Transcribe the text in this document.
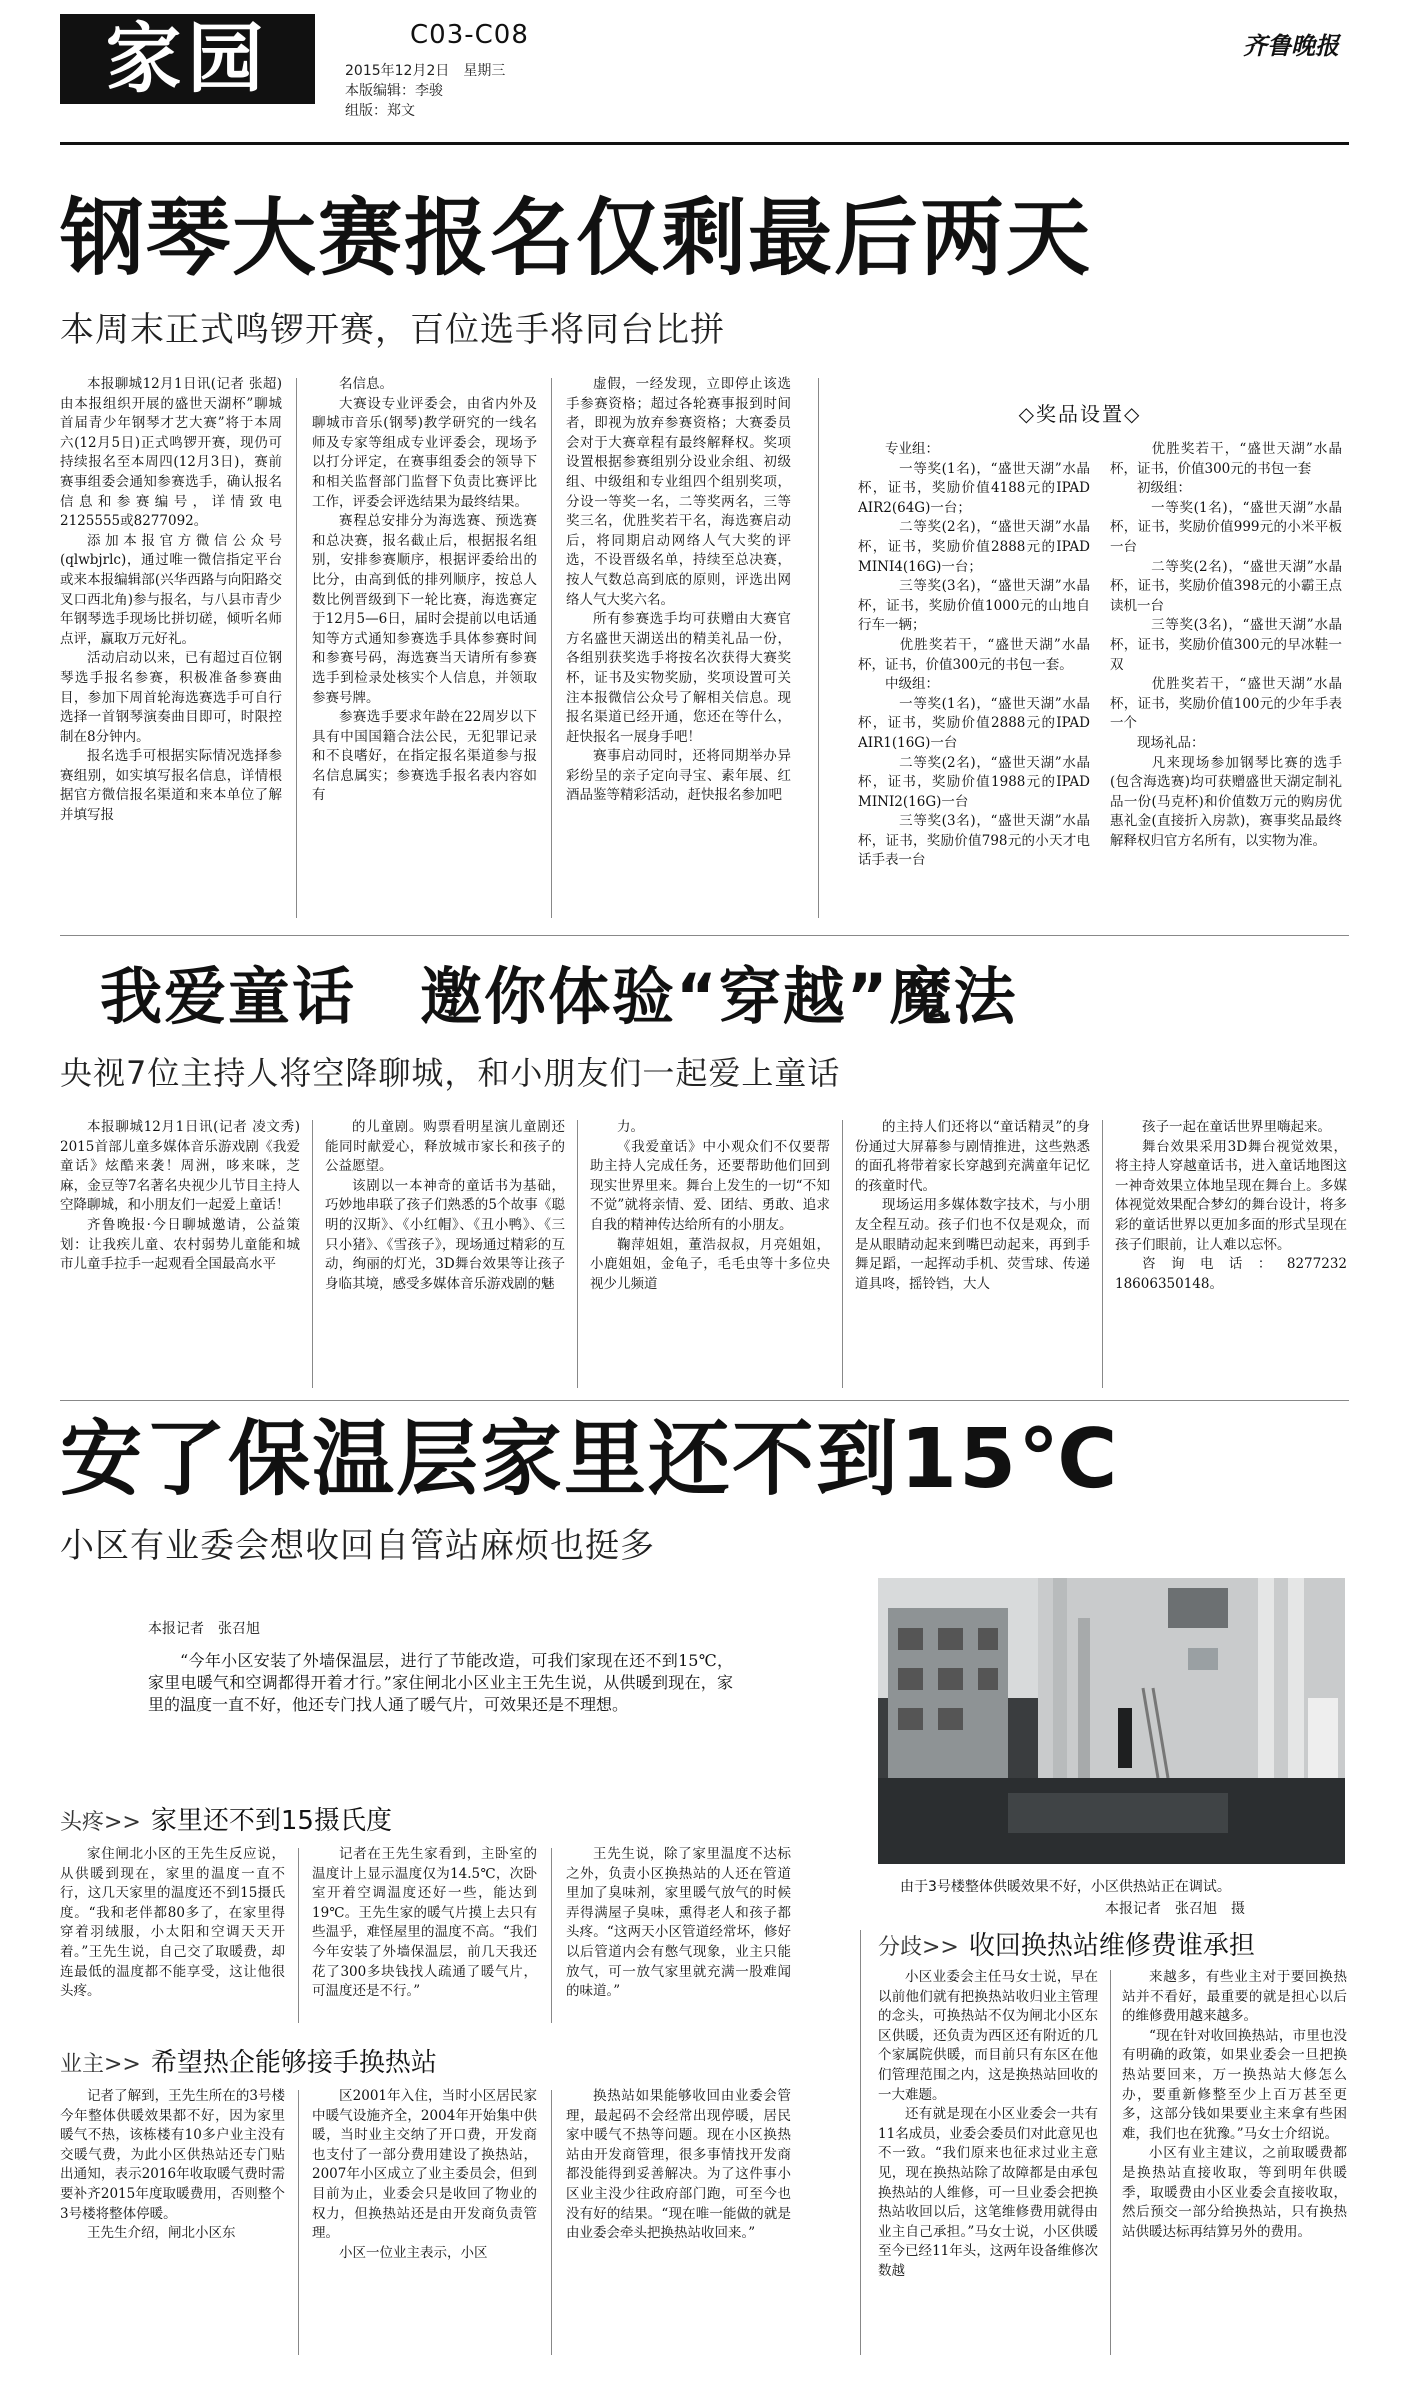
家园	C03-C08
2015年12月2日　星期三
本版编辑：李骏
组版：郑文
齐鲁晚报
钢琴大赛报名仅剩最后两天
本周末正式鸣锣开赛，百位选手将同台比拼

本报聊城12月1日讯(记者 张超) 由本报组织开展的盛世天湖杯”聊城首届青少年钢琴才艺大赛”将于本周六(12月5日)正式鸣锣开赛，现仍可持续报名至本周四(12月3日)，赛前赛事组委会通知参赛选手，确认报名信息和参赛编号，详情致电2125555或8277092。

添加本报官方微信公众号(qlwbjrlc)，通过唯一微信指定平台或来本报编辑部(兴华西路与向阳路交叉口西北角)参与报名，与八县市青少年钢琴选手现场比拼切磋，倾听名师点评，赢取万元好礼。

活动启动以来，已有超过百位钢琴选手报名参赛，积极准备参赛曲目，参加下周首轮海选赛选手可自行选择一首钢琴演奏曲目即可，时限控制在8分钟内。

报名选手可根据实际情况选择参赛组别，如实填写报名信息，详情根据官方微信报名渠道和来本单位了解并填写报

名信息。

大赛设专业评委会，由省内外及聊城市音乐(钢琴)教学研究的一线名师及专家等组成专业评委会，现场予以打分评定，在赛事组委会的领导下和相关监督部门监督下负责比赛评比工作，评委会评选结果为最终结果。

赛程总安排分为海选赛、预选赛和总决赛，报名截止后，根据报名组别，安排参赛顺序，根据评委给出的比分，由高到低的排列顺序，按总人数比例晋级到下一轮比赛，海选赛定于12月5—6日，届时会提前以电话通知等方式通知参赛选手具体参赛时间和参赛号码，海选赛当天请所有参赛选手到检录处核实个人信息，并领取参赛号牌。

参赛选手要求年龄在22周岁以下具有中国国籍合法公民，无犯罪记录和不良嗜好，在指定报名渠道参与报名信息属实；参赛选手报名表内容如有

虚假，一经发现，立即停止该选手参赛资格；超过各轮赛事报到时间者，即视为放弃参赛资格；大赛委员会对于大赛章程有最终解释权。奖项设置根据参赛组别分设业余组、初级组、中级组和专业组四个组别奖项，分设一等奖一名，二等奖两名，三等奖三名，优胜奖若干名，海选赛启动后，将同期启动网络人气大奖的评选，不设晋级名单，持续至总决赛，按人气数总高到底的原则，评选出网络人气大奖六名。

所有参赛选手均可获赠由大赛官方名盛世天湖送出的精美礼品一份，各组别获奖选手将按名次获得大赛奖杯，证书及实物奖励，奖项设置可关注本报微信公众号了解相关信息。现报名渠道已经开通，您还在等什么，赶快报名一展身手吧！

赛事启动同时，还将同期举办异彩纷呈的亲子定向寻宝、素年展、红酒品鉴等精彩活动，赶快报名参加吧

◇奖品设置◇

专业组：

　一等奖(1名)，“盛世天湖”水晶杯，证书，奖励价值4188元的IPAD AIR2(64G)一台；

　二等奖(2名)，“盛世天湖”水晶杯，证书，奖励价值2888元的IPAD MINI4(16G)一台；

　三等奖(3名)，“盛世天湖”水晶杯，证书，奖励价值1000元的山地自行车一辆；

　优胜奖若干，“盛世天湖”水晶杯，证书，价值300元的书包一套。

中级组：

　一等奖(1名)，“盛世天湖”水晶杯，证书，奖励价值2888元的IPAD AIR1(16G)一台

　二等奖(2名)，“盛世天湖”水晶杯，证书，奖励价值1988元的IPAD MINI2(16G)一台

　三等奖(3名)，“盛世天湖”水晶杯，证书，奖励价值798元的小天才电话手表一台

　优胜奖若干，“盛世天湖”水晶杯，证书，价值300元的书包一套

初级组：

　一等奖(1名)，“盛世天湖”水晶杯，证书，奖励价值999元的小米平板一台

　二等奖(2名)，“盛世天湖”水晶杯，证书，奖励价值398元的小霸王点读机一台

　三等奖(3名)，“盛世天湖”水晶杯，证书，奖励价值300元的早冰鞋一双

　优胜奖若干，“盛世天湖”水晶杯，证书，奖励价值100元的少年手表一个

现场礼品：

　凡来现场参加钢琴比赛的选手(包含海选赛)均可获赠盛世天湖定制礼品一份(马克杯)和价值数万元的购房优惠礼金(直接折入房款)，赛事奖品最终解释权归官方名所有，以实物为准。

我爱童话　邀你体验“穿越”魔法
央视7位主持人将空降聊城，和小朋友们一起爱上童话

本报聊城12月1日讯(记者 凌文秀) 2015首部儿童多媒体音乐游戏剧《我爱童话》炫酷来袭！周洲，哆来咪，芝麻，金豆等7名著名央视少儿节目主持人空降聊城，和小朋友们一起爱上童话！

齐鲁晚报·今日聊城邀请，公益策划：让我疾儿童、农村弱势儿童能和城市儿童手拉手一起观看全国最高水平

的儿童剧。购票看明星演儿童剧还能同时献爱心，释放城市家长和孩子的公益愿望。

该剧以一本神奇的童话书为基础，巧妙地串联了孩子们熟悉的5个故事《聪明的汉斯》、《小红帽》、《丑小鸭》、《三只小猪》、《雪孩子》，现场通过精彩的互动，绚丽的灯光，3D舞台效果等让孩子身临其境，感受多媒体音乐游戏剧的魅

力。

《我爱童话》中小观众们不仅要帮助主持人完成任务，还要帮助他们回到现实世界里来。舞台上发生的一切“不知不觉”就将亲情、爱、团结、勇敢、追求自我的精神传达给所有的小朋友。

鞠萍姐姐，董浩叔叔，月亮姐姐，小鹿姐姐，金龟子，毛毛虫等十多位央视少儿频道

的主持人们还将以“童话精灵”的身份通过大屏幕参与剧情推进，这些熟悉的面孔将带着家长穿越到充满童年记忆的孩童时代。

现场运用多媒体数字技术，与小朋友全程互动。孩子们也不仅是观众，而是从眼睛动起来到嘴巴动起来，再到手舞足蹈，一起挥动手机、荧雪球、传递道具咚，摇铃铛，大人

孩子一起在童话世界里嗨起来。

舞台效果采用3D舞台视觉效果，将主持人穿越童话书，进入童话地图这一神奇效果立体地呈现在舞台上。多媒体视觉效果配合梦幻的舞台设计，将多彩的童话世界以更加多面的形式呈现在孩子们眼前，让人难以忘怀。

咨询电话：8277232 18606350148。

安了保温层家里还不到15℃
小区有业委会想收回自管站麻烦也挺多
本报记者　张召旭

“今年小区安装了外墙保温层，进行了节能改造，可我们家现在还不到15℃，家里电暖气和空调都得开着才行。”家住闸北小区业主王先生说，从供暖到现在，家里的温度一直不好，他还专门找人通了暖气片，可效果还是不理想。

由于3号楼整体供暖效果不好，小区供热站正在调试。
本报记者　张召旭　摄
头疼>> 家里还不到15摄氏度

家住闸北小区的王先生反应说，从供暖到现在，家里的温度一直不行，这几天家里的温度还不到15摄氏度。“我和老伴都80多了，在家里得穿着羽绒服，小太阳和空调天天开着。”王先生说，自己交了取暖费，却连最低的温度都不能享受，这让他很头疼。

记者在王先生家看到，主卧室的温度计上显示温度仅为14.5℃，次卧室开着空调温度还好一些，能达到19℃。王先生家的暖气片摸上去只有些温乎，难怪屋里的温度不高。“我们今年安装了外墙保温层，前几天我还花了300多块钱找人疏通了暖气片，可温度还是不行。”

王先生说，除了家里温度不达标之外，负责小区换热站的人还在管道里加了臭味剂，家里暖气放气的时候弄得满屋子臭味，熏得老人和孩子都头疼。“这两天小区管道经常坏，修好以后管道内会有憋气现象，业主只能放气，可一放气家里就充满一股难闻的味道。”

业主>> 希望热企能够接手换热站

记者了解到，王先生所在的3号楼今年整体供暖效果都不好，因为家里暖气不热，该栋楼有10多户业主没有交暖气费，为此小区供热站还专门贴出通知，表示2016年收取暖气费时需要补齐2015年度取暖费用，否则整个3号楼将整体停暖。

王先生介绍，闸北小区东

区2001年入住，当时小区居民家中暖气设施齐全，2004年开始集中供暖，当时业主交纳了开口费，开发商也支付了一部分费用建设了换热站，2007年小区成立了业主委员会，但到目前为止，业委会只是收回了物业的权力，但换热站还是由开发商负责管理。

小区一位业主表示，小区

换热站如果能够收回由业委会管理，最起码不会经常出现停暖，居民家中暖气不热等问题。现在小区换热站由开发商管理，很多事情找开发商都没能得到妥善解决。为了这件事小区业主没少往政府部门跑，可至今也没有好的结果。“现在唯一能做的就是由业委会牵头把换热站收回来。”

分歧>> 收回换热站维修费谁承担

小区业委会主任马女士说，早在以前他们就有把换热站收归业主管理的念头，可换热站不仅为闸北小区东区供暖，还负责为西区还有附近的几个家属院供暖，而目前只有东区在他们管理范围之内，这是换热站回收的一大难题。

还有就是现在小区业委会一共有11名成员，业委会委员们对此意见也不一致。“我们原来也征求过业主意见，现在换热站除了故障都是由承包换热站的人维修，可一旦业委会把换热站收回以后，这笔维修费用就得由业主自己承担。”马女士说，小区供暖至今已经11年头，这两年设备维修次数越

来越多，有些业主对于要回换热站并不看好，最重要的就是担心以后的维修费用越来越多。

“现在针对收回换热站，市里也没有明确的政策，如果业委会一旦把换热站要回来，万一换热站大修怎么办，要重新修整至少上百万甚至更多，这部分钱如果要业主来拿有些困难，我们也在犹豫。”马女士介绍说。

小区有业主建议，之前取暖费都是换热站直接收取，等到明年供暖季，取暖费由小区业委会直接收取，然后预交一部分给换热站，只有换热站供暖达标再结算另外的费用。
